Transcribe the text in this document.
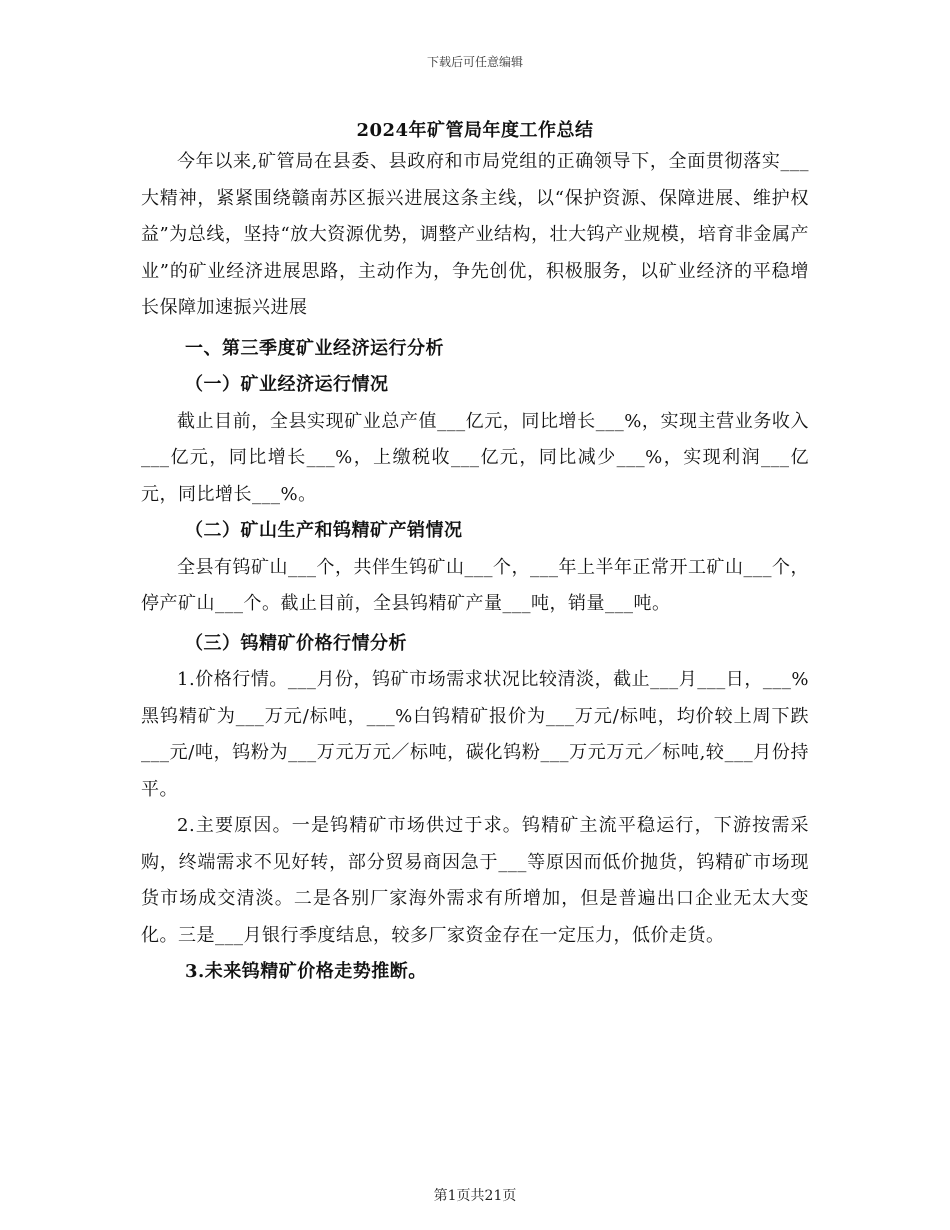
下载后可任意编辑
2024年矿管局年度工作总结

今年以来,矿管局在县委、县政府和市局党组的正确领导下，全面贯彻落实___大精神，紧紧围绕赣南苏区振兴进展这条主线，以“保护资源、保障进展、维护权益”为总线，坚持“放大资源优势，调整产业结构，壮大钨产业规模，培育非金属产业”的矿业经济进展思路，主动作为，争先创优，积极服务，以矿业经济的平稳增长保障加速振兴进展

一、第三季度矿业经济运行分析

（一）矿业经济运行情况

截止目前，全县实现矿业总产值___亿元，同比增长___%，实现主营业务收入___亿元，同比增长___%，上缴税收___亿元，同比减少___%，实现利润___亿元，同比增长___%。

（二）矿山生产和钨精矿产销情况

全县有钨矿山___个，共伴生钨矿山___个，___年上半年正常开工矿山___个，停产矿山___个。截止目前，全县钨精矿产量___吨，销量___吨。

（三）钨精矿价格行情分析

1.价格行情。___月份，钨矿市场需求状况比较清淡，截止___月___日，___%黑钨精矿为___万元/标吨，___%白钨精矿报价为___万元/标吨，均价较上周下跌___元/吨，钨粉为___万元万元／标吨，碳化钨粉___万元万元／标吨,较___月份持平。

2.主要原因。一是钨精矿市场供过于求。钨精矿主流平稳运行，下游按需采购，终端需求不见好转，部分贸易商因急于___等原因而低价抛货，钨精矿市场现货市场成交清淡。二是各别厂家海外需求有所增加，但是普遍出口企业无太大变化。三是___月银行季度结息，较多厂家资金存在一定压力，低价走货。

3.未来钨精矿价格走势推断。

第1页共21页
